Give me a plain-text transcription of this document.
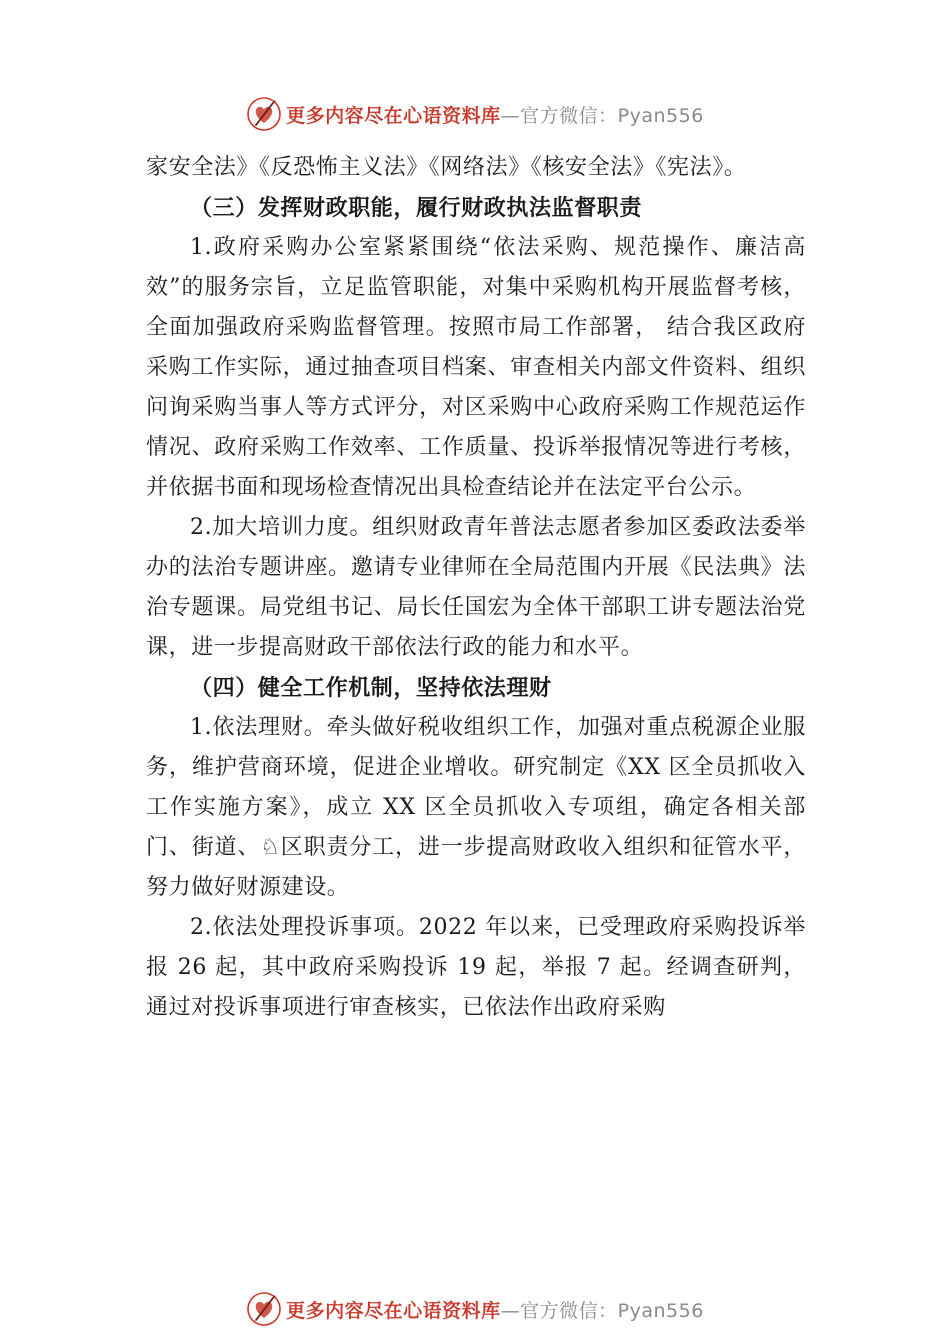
更多内容尽在心语资料库 —官方微信：Pyan556

家安全法》《反恐怖主义法》《网络法》《核安全法》《宪法》。

（三）发挥财政职能，履行财政执法监督职责

1.政府采购办公室紧紧围绕“依法采购、规范操作、廉洁高效”的服务宗旨，立足监管职能，对集中采购机构开展监督考核，全面加强政府采购监督管理。按照市局工作部署， 结合我区政府采购工作实际，通过抽查项目档案、审查相关内部文件资料、组织问询采购当事人等方式评分，对区采购中心政府采购工作规范运作情况、政府采购工作效率、工作质量、投诉举报情况等进行考核，并依据书面和现场检查情况出具检查结论并在法定平台公示。

2.加大培训力度。组织财政青年普法志愿者参加区委政法委举办的法治专题讲座。邀请专业律师在全局范围内开展《民法典》法治专题课。局党组书记、局长任国宏为全体干部职工讲专题法治党课，进一步提高财政干部依法行政的能力和水平。

（四）健全工作机制，坚持依法理财

1.依法理财。牵头做好税收组织工作，加强对重点税源企业服务，维护营商环境，促进企业增收。研究制定《XX 区全员抓收入工作实施方案》，成立 XX 区全员抓收入专项组，确定各相关部门、街道、♘区职责分工，进一步提高财政收入组织和征管水平，努力做好财源建设。

2.依法处理投诉事项。2022 年以来，已受理政府采购投诉举报 26 起，其中政府采购投诉 19 起，举报 7 起。经调查研判，通过对投诉事项进行审查核实，已依法作出政府采购

更多内容尽在心语资料库 —官方微信：Pyan556
